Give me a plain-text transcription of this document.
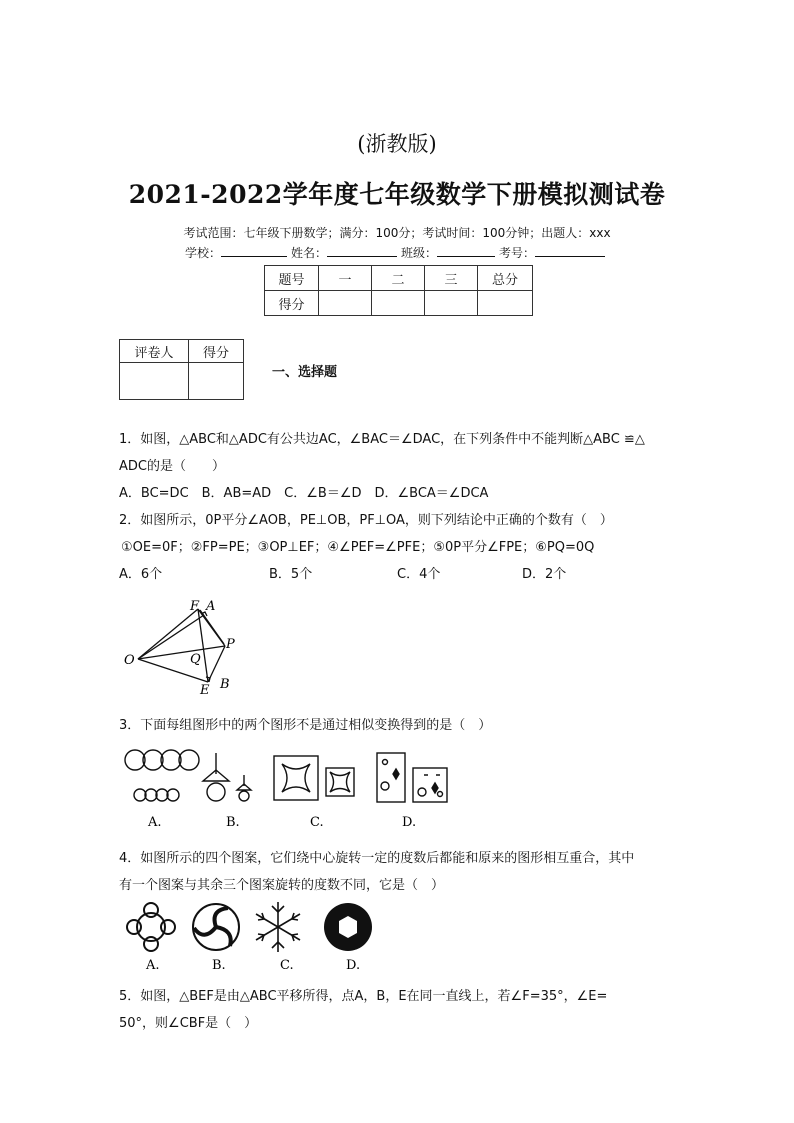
(浙教版)
2021-2022学年度七年级数学下册模拟测试卷
考试范围：七年级下册数学；满分：100分；考试时间：100分钟；出题人：xxx
学校：	姓名：	班级：	考号：
题号	一	二	三	总分
得分				
评卷人	得分

一、选择题
1．如图，△ABC和△ADC有公共边AC，∠BAC＝∠DAC，在下列条件中不能判断△ABC ≌△
ADC的是（　　）
A．BC=DC　B．AB=AD　C．∠B＝∠D　D．∠BCA＝∠DCA
2．如图所示，0P平分∠AOB，PE⊥OB，PF⊥OA，则下列结论中正确的个数有（　）
①OE=0F；②FP=PE；③OP⊥EF；④∠PEF=∠PFE；⑤0P平分∠FPE；⑥PQ=0Q
A．6个	B．5个	C．4个	D．2个
F A
P
Q
O
E B
3．下面每组图形中的两个图形不是通过相似变换得到的是（　）
A.	B.	C.	D.
4．如图所示的四个图案，它们绕中心旋转一定的度数后都能和原来的图形相互重合，其中
有一个图案与其余三个图案旋转的度数不同，它是（　）
A.	B.	C.	D.
5．如图，△BEF是由△ABC平移所得，点A，B，E在同一直线上，若∠F=35°，∠E=
50°，则∠CBF是（　）
